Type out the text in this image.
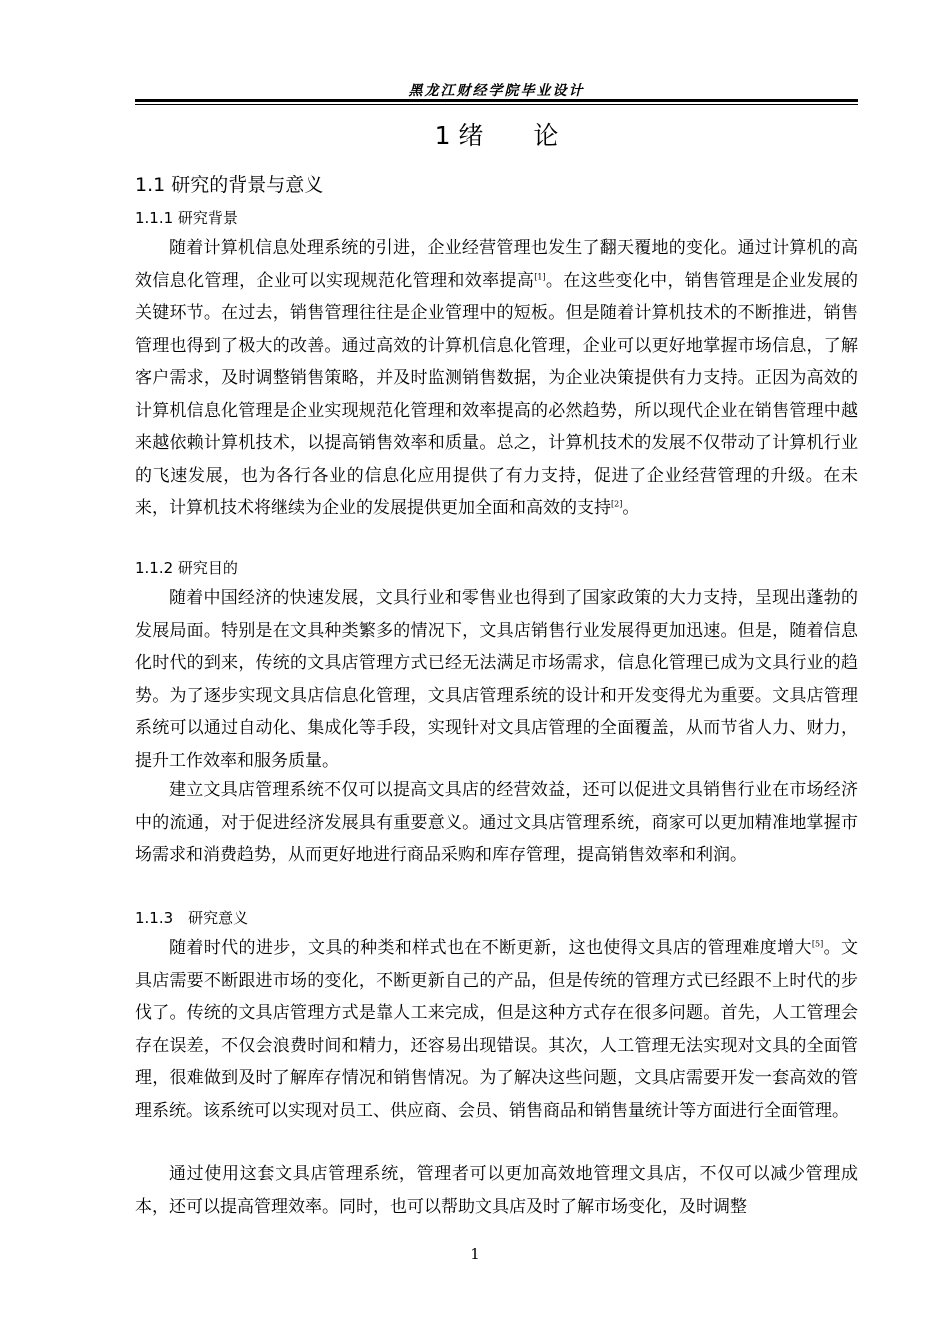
黑龙江财经学院毕业设计
1 绪　　论
1.1 研究的背景与意义
1.1.1 研究背景

随着计算机信息处理系统的引进，企业经营管理也发生了翻天覆地的变化。通过计算机的高效信息化管理，企业可以实现规范化管理和效率提高[1]。在这些变化中，销售管理是企业发展的关键环节。在过去，销售管理往往是企业管理中的短板。但是随着计算机技术的不断推进，销售管理也得到了极大的改善。通过高效的计算机信息化管理，企业可以更好地掌握市场信息，了解客户需求，及时调整销售策略，并及时监测销售数据，为企业决策提供有力支持。正因为高效的计算机信息化管理是企业实现规范化管理和效率提高的必然趋势，所以现代企业在销售管理中越来越依赖计算机技术，以提高销售效率和质量。总之，计算机技术的发展不仅带动了计算机行业的飞速发展，也为各行各业的信息化应用提供了有力支持，促进了企业经营管理的升级。在未来，计算机技术将继续为企业的发展提供更加全面和高效的支持[2]。

1.1.2 研究目的

随着中国经济的快速发展，文具行业和零售业也得到了国家政策的大力支持，呈现出蓬勃的发展局面。特别是在文具种类繁多的情况下，文具店销售行业发展得更加迅速。但是，随着信息化时代的到来，传统的文具店管理方式已经无法满足市场需求，信息化管理已成为文具行业的趋势。为了逐步实现文具店信息化管理，文具店管理系统的设计和开发变得尤为重要。文具店管理系统可以通过自动化、集成化等手段，实现针对文具店管理的全面覆盖，从而节省人力、财力，提升工作效率和服务质量。

建立文具店管理系统不仅可以提高文具店的经营效益，还可以促进文具销售行业在市场经济中的流通，对于促进经济发展具有重要意义。通过文具店管理系统，商家可以更加精准地掌握市场需求和消费趋势，从而更好地进行商品采购和库存管理，提高销售效率和利润。

1.1.3　研究意义

随着时代的进步，文具的种类和样式也在不断更新，这也使得文具店的管理难度增大[5]。文具店需要不断跟进市场的变化，不断更新自己的产品，但是传统的管理方式已经跟不上时代的步伐了。传统的文具店管理方式是靠人工来完成，但是这种方式存在很多问题。首先，人工管理会存在误差，不仅会浪费时间和精力，还容易出现错误。其次，人工管理无法实现对文具的全面管理，很难做到及时了解库存情况和销售情况。为了解决这些问题，文具店需要开发一套高效的管理系统。该系统可以实现对员工、供应商、会员、销售商品和销售量统计等方面进行全面管理。

通过使用这套文具店管理系统，管理者可以更加高效地管理文具店，不仅可以减少管理成本，还可以提高管理效率。同时，也可以帮助文具店及时了解市场变化，及时调整

1
